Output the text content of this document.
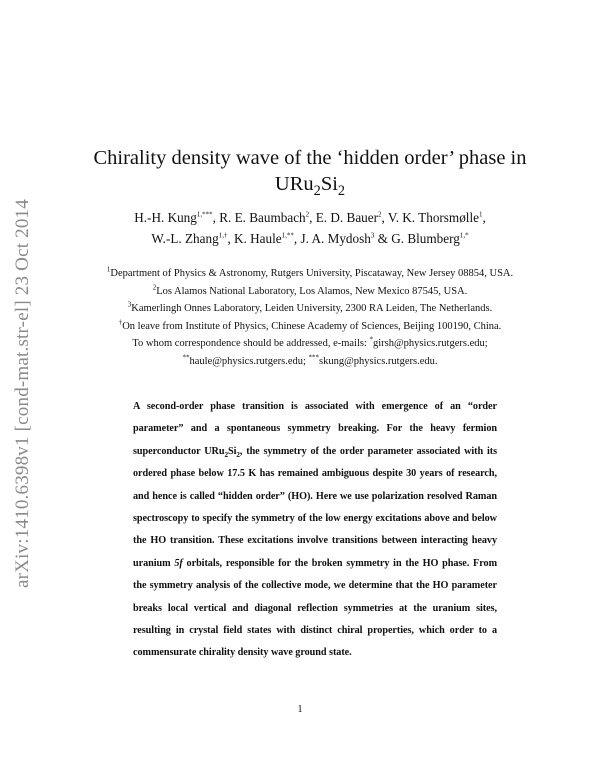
arXiv:1410.6398v1 [cond-mat.str-el] 23 Oct 2014
Chirality density wave of the ‘hidden order’ phase in
$URu_2Si_2$
H.-H. Kung$^{1,***}$, R. E. Baumbach$^2$, E. D. Bauer$^2$, V. K. Thorsmølle$^1$,
W.-L. Zhang$^{1,\dagger}$, K. Haule$^{1,**}$, J. A. Mydosh$^3$ & G. Blumberg$^{1,*}$
$^1$Department of Physics & Astronomy, Rutgers University, Piscataway, New Jersey 08854, USA.
$^2$Los Alamos National Laboratory, Los Alamos, New Mexico 87545, USA.
$^3$Kamerlingh Onnes Laboratory, Leiden University, 2300 RA Leiden, The Netherlands.
†On leave from Institute of Physics, Chinese Academy of Sciences, Beijing 100190, China.
To whom correspondence should be addressed, e-mails: *girsh@physics.rutgers.edu;
**haule@physics.rutgers.edu; ***skung@physics.rutgers.edu.
A second-order phase transition is associated with emergence of an “order parameter” and a spontaneous symmetry breaking. For the heavy fermion superconductor $URu_2Si_2$, the symmetry of the order parameter associated with its ordered phase below 17.5 K has remained ambiguous despite 30 years of research, and hence is called “hidden order” (HO). Here we use polarization resolved Raman spectroscopy to specify the symmetry of the low energy excitations above and below the HO transition. These excitations involve transitions between interacting heavy uranium 5f orbitals, responsible for the broken symmetry in the HO phase. From the symmetry analysis of the collective mode, we determine that the HO parameter breaks local vertical and diagonal reflection symmetries at the uranium sites, resulting in crystal field states with distinct chiral properties, which order to a commensurate chirality density wave ground state.
1
